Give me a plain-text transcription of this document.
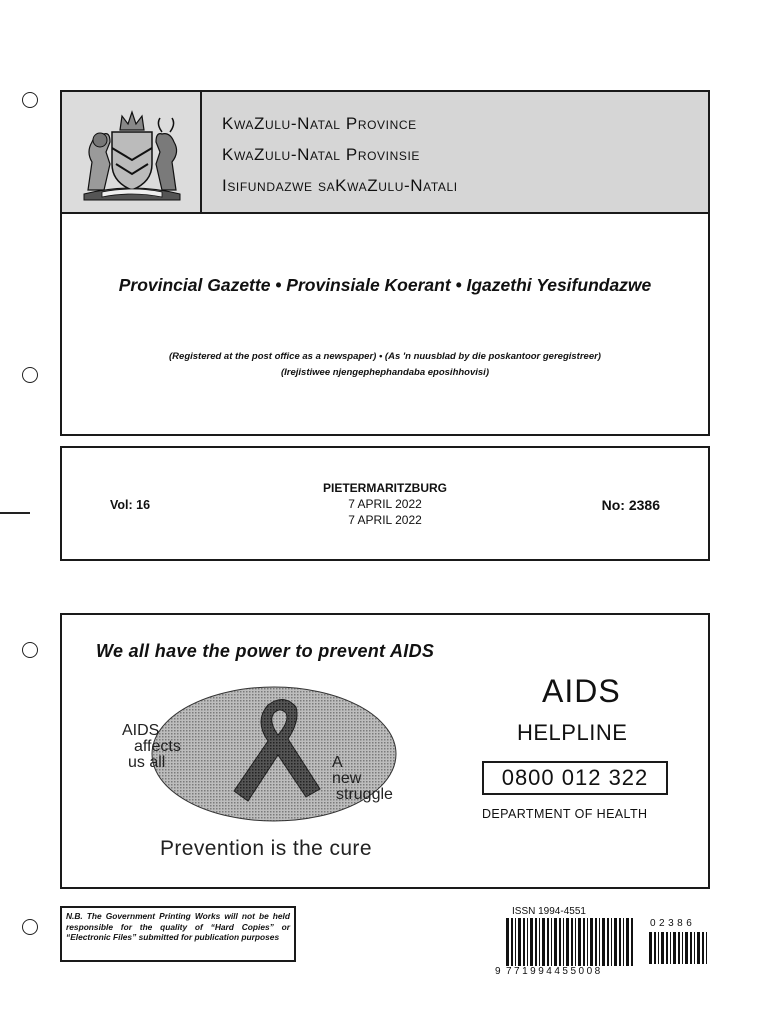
KwaZulu-Natal Province
KwaZulu-Natal Provinsie
Isifundazwe saKwaZulu-Natali
Provincial Gazette • Provinsiale Koerant • Igazethi Yesifundazwe
(Registered at the post office as a newspaper) • (As 'n nuusblad by die poskantoor geregistreer)
(Irejistiwee njengephephandaba eposihhovisi)
Vol: 16
PIETERMARITZBURG
7 APRIL 2022
7 APRIL 2022
No: 2386
We all have the power to prevent AIDS
AIDS
affects
us all	A
new
struggle
Prevention is the cure
AIDS
HELPLINE
0800 012 322
DEPARTMENT OF HEALTH
N.B. The Government Printing Works will not be held responsible for the quality of “Hard Copies” or “Electronic Files” submitted for publication purposes
ISSN 1994-4551
9 771994455008
02386
